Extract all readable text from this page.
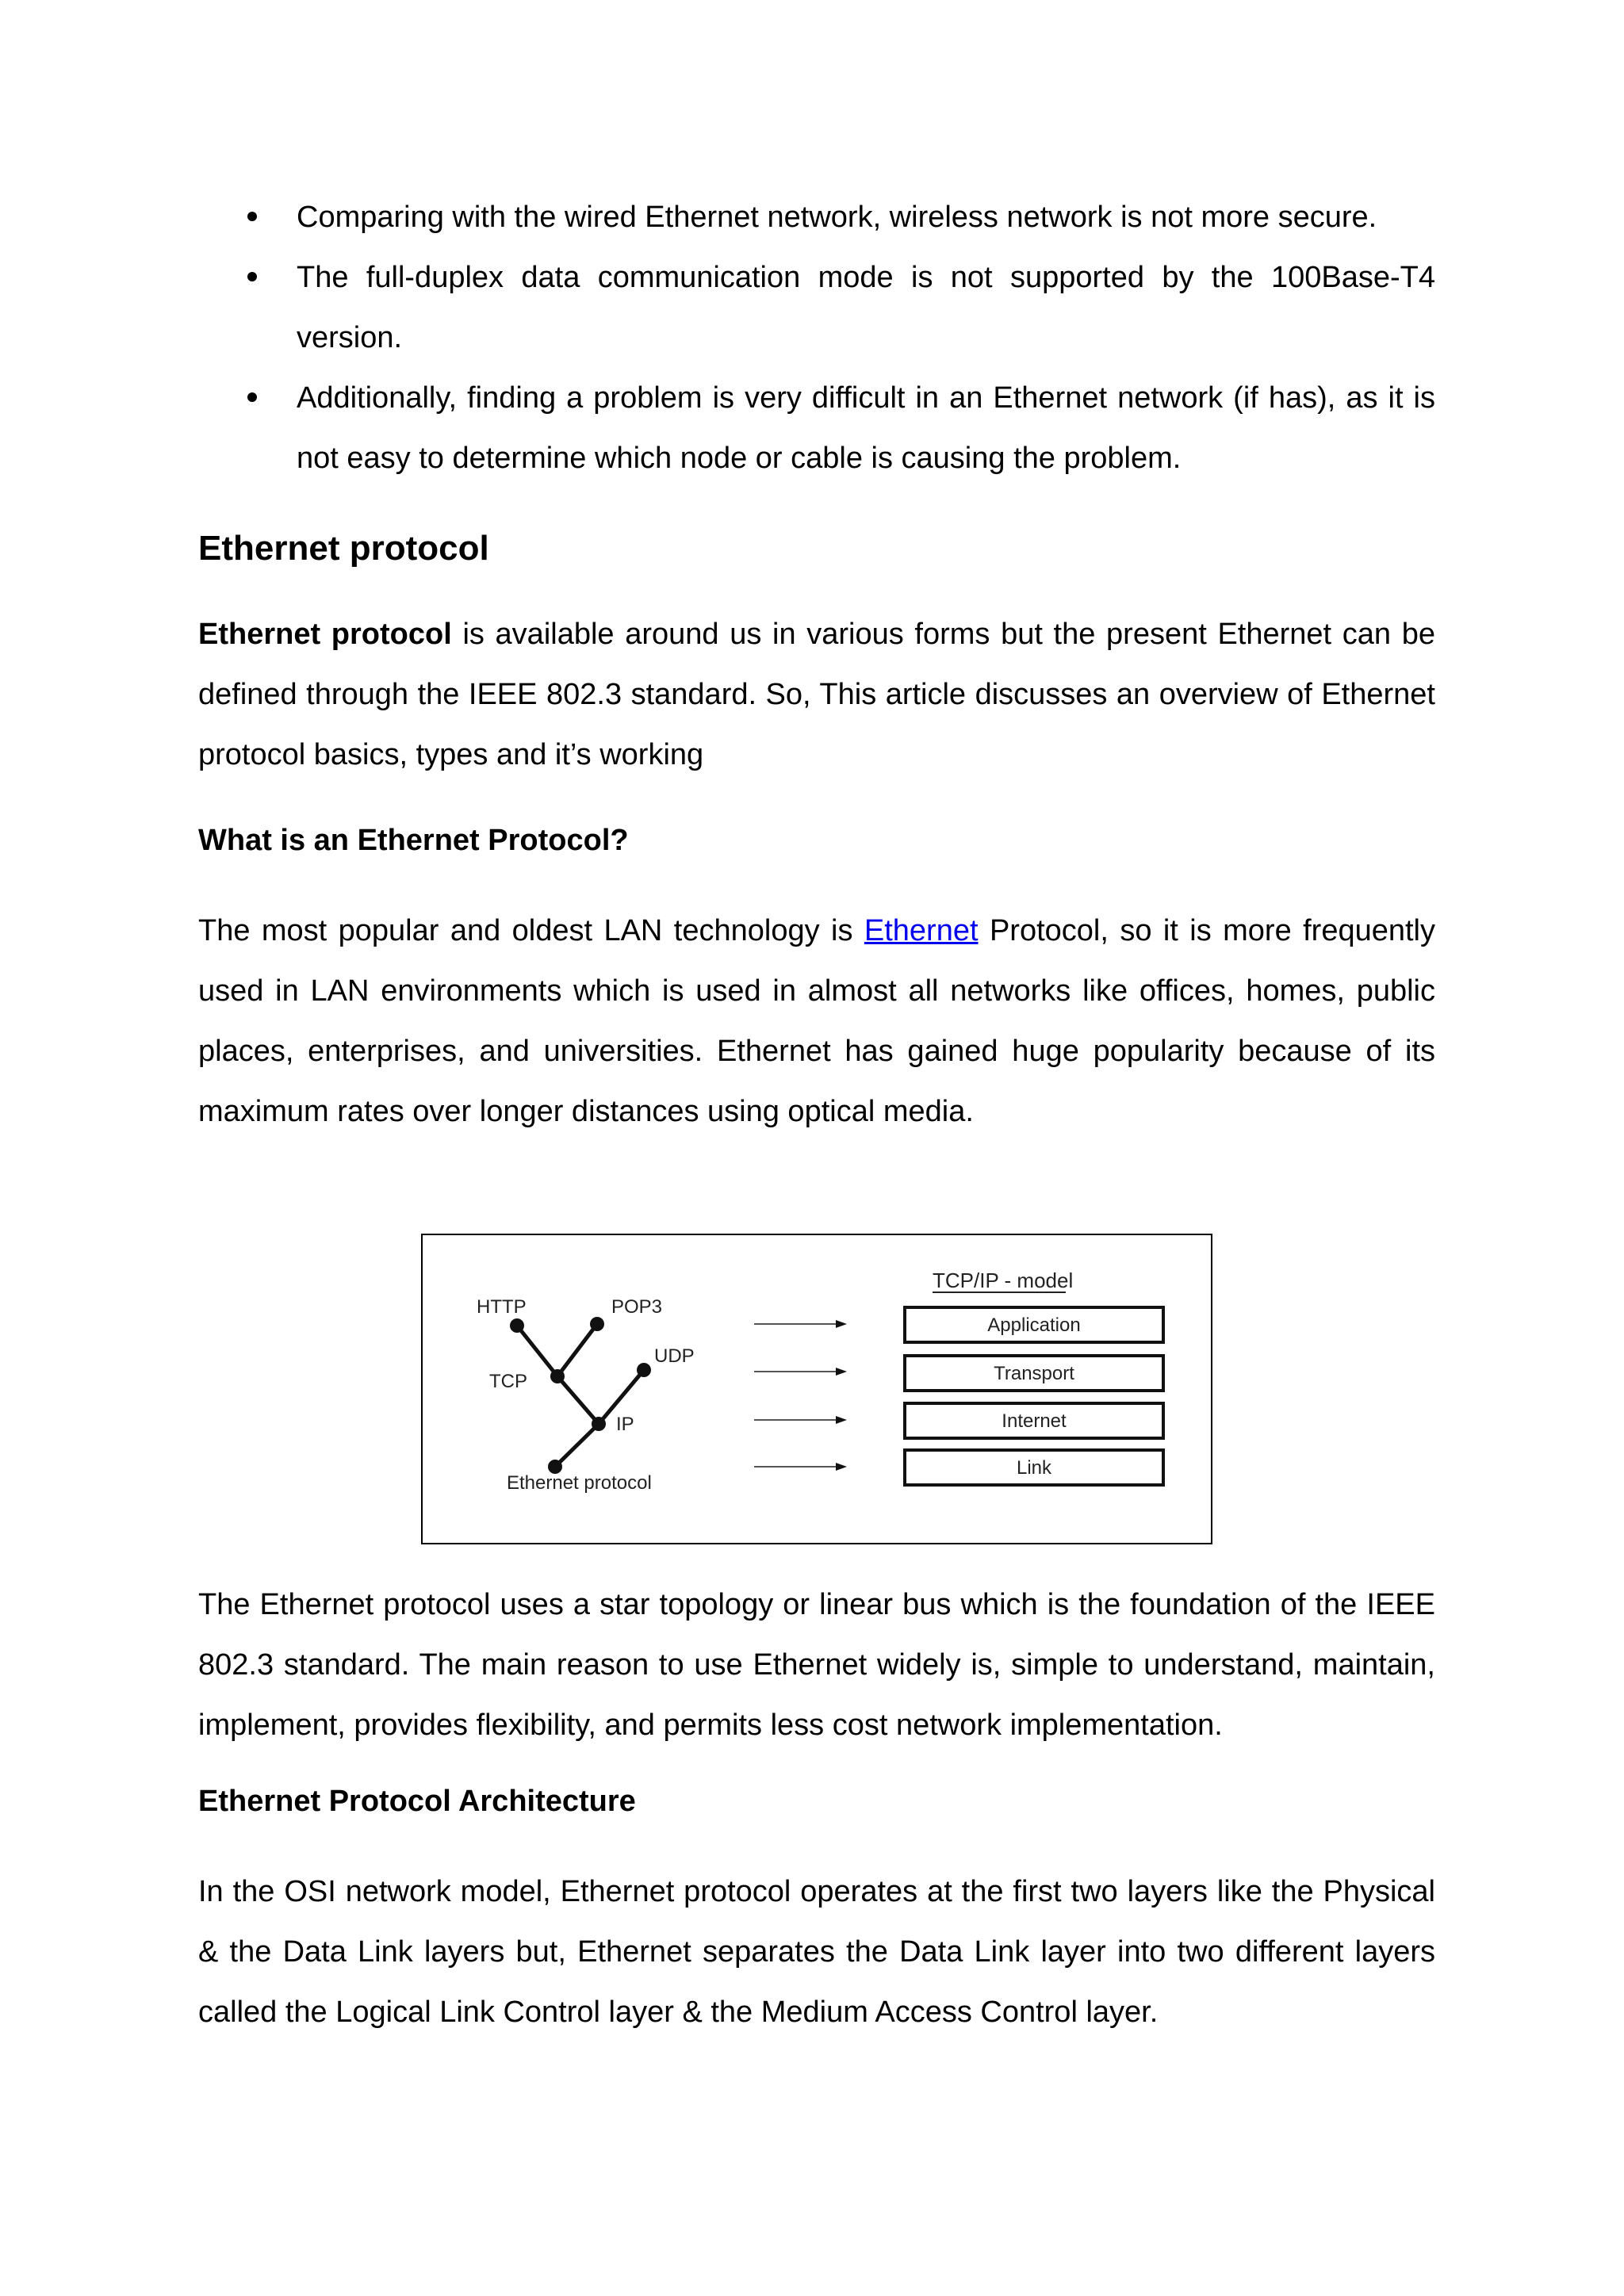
Comparing with the wired Ethernet network, wireless network is not more secure.
The full-duplex data communication mode is not supported by the 100Base-T4 version.
Additionally, finding a problem is very difficult in an Ethernet network (if has), as it is not easy to determine which node or cable is causing the problem.
Ethernet protocol

Ethernet protocol is available around us in various forms but the present Ethernet can be defined through the IEEE 802.3 standard. So, This article discusses an overview of Ethernet protocol basics, types and it’s working

What is an Ethernet Protocol?

The most popular and oldest LAN technology is Ethernet Protocol, so it is more frequently used in LAN environments which is used in almost all networks like offices, homes, public places, enterprises, and universities. Ethernet has gained huge popularity because of its maximum rates over longer distances using optical media.

HTTP	POP3
UDP
TCP
IP
Ethernet protocol
TCP/IP - model
Application
Transport
Internet
Link

The Ethernet protocol uses a star topology or linear bus which is the foundation of the IEEE 802.3 standard. The main reason to use Ethernet widely is, simple to understand, maintain, implement, provides flexibility, and permits less cost network implementation.

Ethernet Protocol Architecture

In the OSI network model, Ethernet protocol operates at the first two layers like the Physical & the Data Link layers but, Ethernet separates the Data Link layer into two different layers called the Logical Link Control layer & the Medium Access Control layer.
